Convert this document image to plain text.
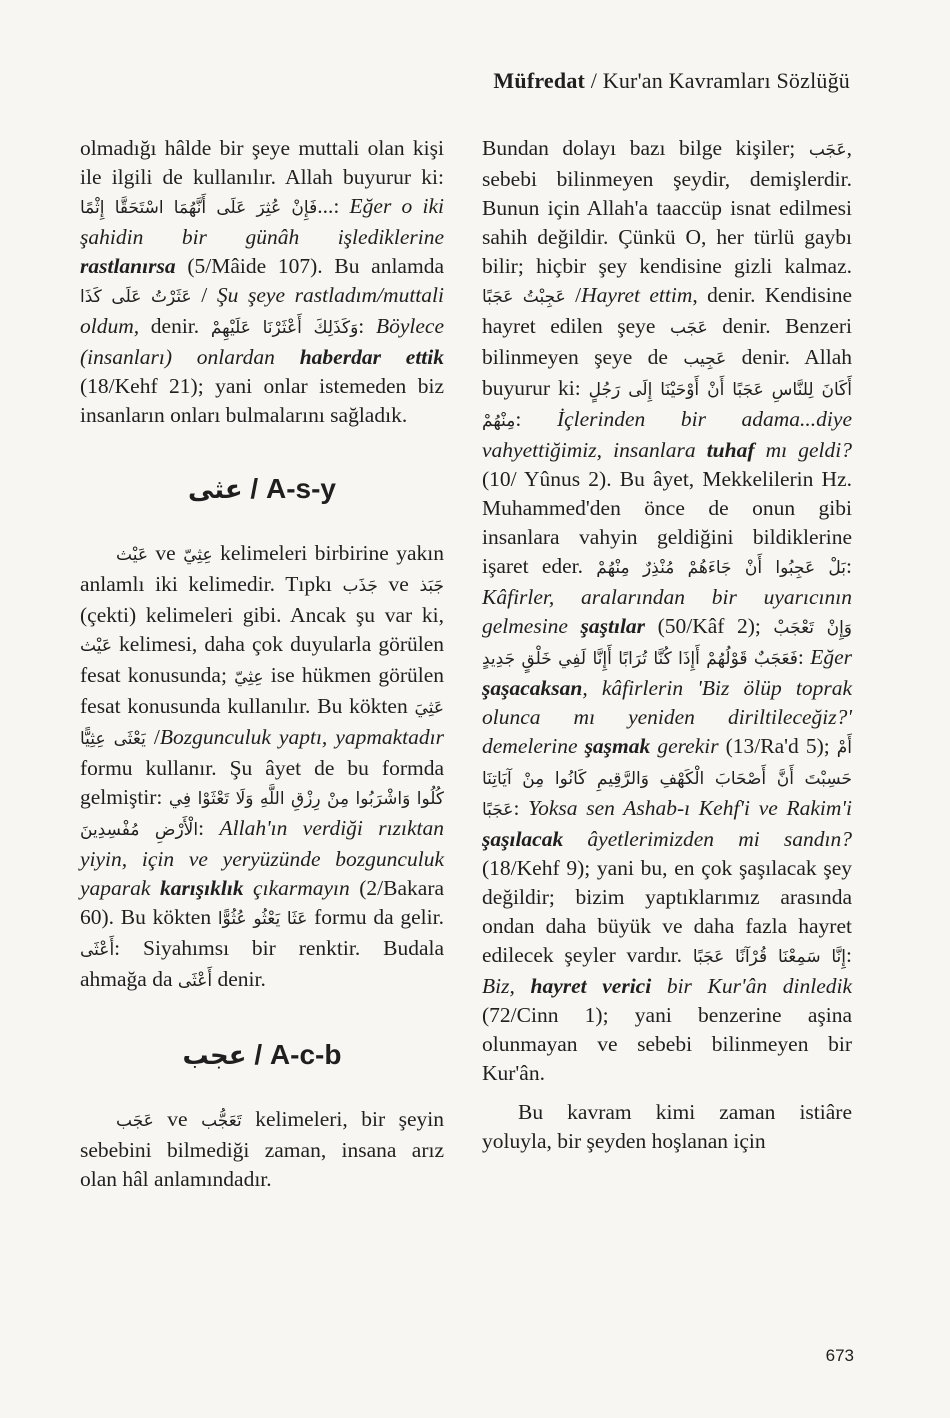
Müfredat / Kur'an Kavramları Sözlüğü

olmadığı hâlde bir şeye muttali olan kişi ile ilgili de kullanılır. Allah buyurur ki: فَإِنْ عُثِرَ عَلَى أَنَّهُمَا اسْتَحَقَّا إِثْمًا...: Eğer o iki şahidin bir günâh işlediklerine rastlanırsa (5/Mâide 107). Bu anlamda عَثَرْتُ عَلَى كَذَا / Şu şeye rastladım/muttali oldum, denir. وَكَذَلِكَ أَعْثَرْنَا عَلَيْهِمْ: Böylece (insanları) onlardan haberdar ettik (18/Kehf 21); yani onlar istemeden biz insanların onları bulmalarını sağladık.

عثى / A-s-y

عَيْث ve عِثِيّ kelimeleri birbirine yakın anlamlı iki kelimedir. Tıpkı جَذَب ve جَبَذ (çekti) kelimeleri gibi. Ancak şu var ki, عَيْث kelimesi, daha çok duyularla görülen fesat konusunda; عِثِيّ ise hükmen görülen fesat konusunda kullanılır. Bu kökten عَثِيَ يَعْثَى عِثِيًّا /Bozgunculuk yaptı, yapmaktadır formu kullanır. Şu âyet de bu formda gelmiştir: كُلُوا وَاشْرَبُوا مِنْ رِزْقِ اللَّهِ وَلَا تَعْثَوْا فِي الْأَرْضِ مُفْسِدِينَ: Allah'ın verdiği rızıktan yiyin, için ve yeryüzünde bozgunculuk yaparak karışıklık çıkarmayın (2/Bakara 60). Bu kökten عَثَا يَعْثُو عُثُوًّا formu da gelir. أَعْثَى: Siyahımsı bir renktir. Budala ahmağa da أَعْثَى denir.

عجب / A-c-b

عَجَب ve تَعَجُّب kelimeleri, bir şeyin sebebini bilmediği zaman, insana arız olan hâl anlamındadır.

Bundan dolayı bazı bilge kişiler; عَجَب, sebebi bilinmeyen şeydir, demişlerdir. Bunun için Allah'a taaccüp isnat edilmesi sahih değildir. Çünkü O, her türlü gaybı bilir; hiçbir şey kendisine gizli kalmaz. عَجِبْتُ عَجَبًا /Hayret ettim, denir. Kendisine hayret edilen şeye عَجَب denir. Benzeri bilinmeyen şeye de عَجِيب denir. Allah buyurur ki: أَكَانَ لِلنَّاسِ عَجَبًا أَنْ أَوْحَيْنَا إِلَى رَجُلٍ مِنْهُمْ: İçlerinden bir adama...diye vahyettiğimiz, insanlara tuhaf mı geldi? (10/ Yûnus 2). Bu âyet, Mekkelilerin Hz. Muhammed'den önce de onun gibi insanlara vahyin geldiğini bildiklerine işaret eder. بَلْ عَجِبُوا أَنْ جَاءَهُمْ مُنْذِرٌ مِنْهُمْ: Kâfirler, aralarından bir uyarıcının gelmesine şaştılar (50/Kâf 2); وَإِنْ تَعْجَبْ فَعَجَبٌ قَوْلُهُمْ أَإِذَا كُنَّا تُرَابًا أَإِنَّا لَفِي خَلْقٍ جَدِيدٍ: Eğer şaşacaksan, kâfirlerin 'Biz ölüp toprak olunca mı yeniden diriltileceğiz?' demelerine şaşmak gerekir (13/Ra'd 5); أَمْ حَسِبْتَ أَنَّ أَصْحَابَ الْكَهْفِ وَالرَّقِيمِ كَانُوا مِنْ آيَاتِنَا عَجَبًا: Yoksa sen Ashab-ı Kehf'i ve Rakim'i şaşılacak âyetlerimizden mi sandın? (18/Kehf 9); yani bu, en çok şaşılacak şey değildir; bizim yaptıklarımız arasında ondan daha büyük ve daha fazla hayret edilecek şeyler vardır. إِنَّا سَمِعْنَا قُرْآنًا عَجَبًا: Biz, hayret verici bir Kur'ân dinledik (72/Cinn 1); yani benzerine aşina olunmayan ve sebebi bilinmeyen bir Kur'ân.

Bu kavram kimi zaman istiâre yoluyla, bir şeyden hoşlanan için

673
